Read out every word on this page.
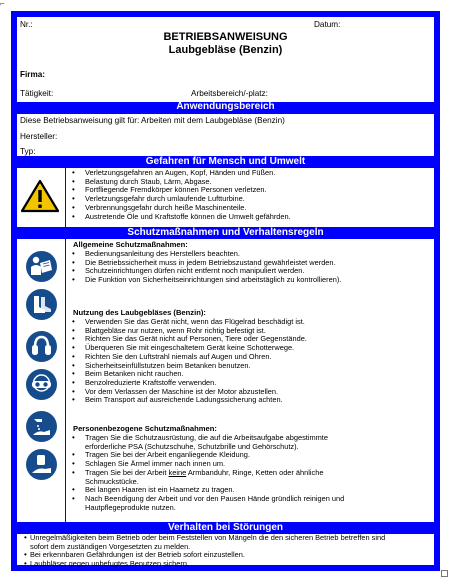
⌐
Nr.:	Datum:
BETRIEBSANWEISUNG
Laubgebläse (Benzin)
Firma:
Tätigkeit:	Arbeitsbereich/-platz:
Anwendungsbereich
Diese Betriebsanweisung gilt für: Arbeiten mit dem Laubgebläse (Benzin)
Hersteller:
Typ:
Gefahren für Mensch und Umwelt
• Verletzungsgefahren an Augen, Kopf, Händen und Füßen.
• Belastung durch Staub, Lärm, Abgase.
• Fortfliegende Fremdkörper können Personen verletzen.
• Verletzungsgefahr durch umlaufende Luftturbine.
• Verbrennungsgefahr durch heiße Maschinenteile.
• Austretende Öle und Kraftstoffe können die Umwelt gefährden.
Schutzmaßnahmen und Verhaltensregeln
Allgemeine Schutzmaßnahmen:
• Bedienungsanleitung des Herstellers beachten.
• Die Betriebssicherheit muss in jedem Betriebszustand gewährleistet werden.
• Schutzeinrichtungen dürfen nicht entfernt noch manipuliert werden.
• Die Funktion von Sicherheitseinrichtungen sind arbeitstäglich zu kontrollieren).
Nutzung des Laubgebläses (Benzin):
• Verwenden Sie das Gerät nicht, wenn das Flügelrad beschädigt ist.
• Blattgebläse nur nutzen, wenn Rohr richtig befestigt ist.
• Richten Sie das Gerät nicht auf Personen, Tiere oder Gegenstände.
• Überqueren Sie mit eingeschaltetem Gerät keine Schotterwege.
• Richten Sie den Luftstrahl niemals auf Augen und Ohren.
• Sicherheitseinfüllstutzen beim Betanken benutzen.
• Beim Betanken nicht rauchen.
• Benzolreduzierte Kraftstoffe verwenden.
• Vor dem Verlassen der Maschine ist der Motor abzustellen.
• Beim Transport auf ausreichende Ladungssicherung achten.
Personenbezogene Schutzmaßnahmen:
• Tragen Sie die Schutzausrüstung, die auf die Arbeitsaufgabe abgestimmte
erforderliche PSA (Schutzschuhe, Schutzbrille und Gehörschutz).
• Tragen Sie bei der Arbeit enganliegende Kleidung.
• Schlagen Sie Ärmel immer nach innen um.
• Tragen Sie bei der Arbeit keine Armbanduhr, Ringe, Ketten oder ähnliche
Schmuckstücke.
• Bei langen Haaren ist ein Haarnetz zu tragen.
• Nach Beendigung der Arbeit und vor den Pausen Hände gründlich reinigen und
Hautpflegeprodukte nutzen.
Verhalten bei Störungen
• Unregelmäßigkeiten beim Betrieb oder beim Feststellen von Mängeln die den sicheren Betrieb betreffen sind
sofort dem zuständigen Vorgesetzten zu melden.
• Bei erkennbaren Gefährdungen ist der Betrieb sofort einzustellen.
• Laubbläser gegen unbefugtes Benutzen sichern.
